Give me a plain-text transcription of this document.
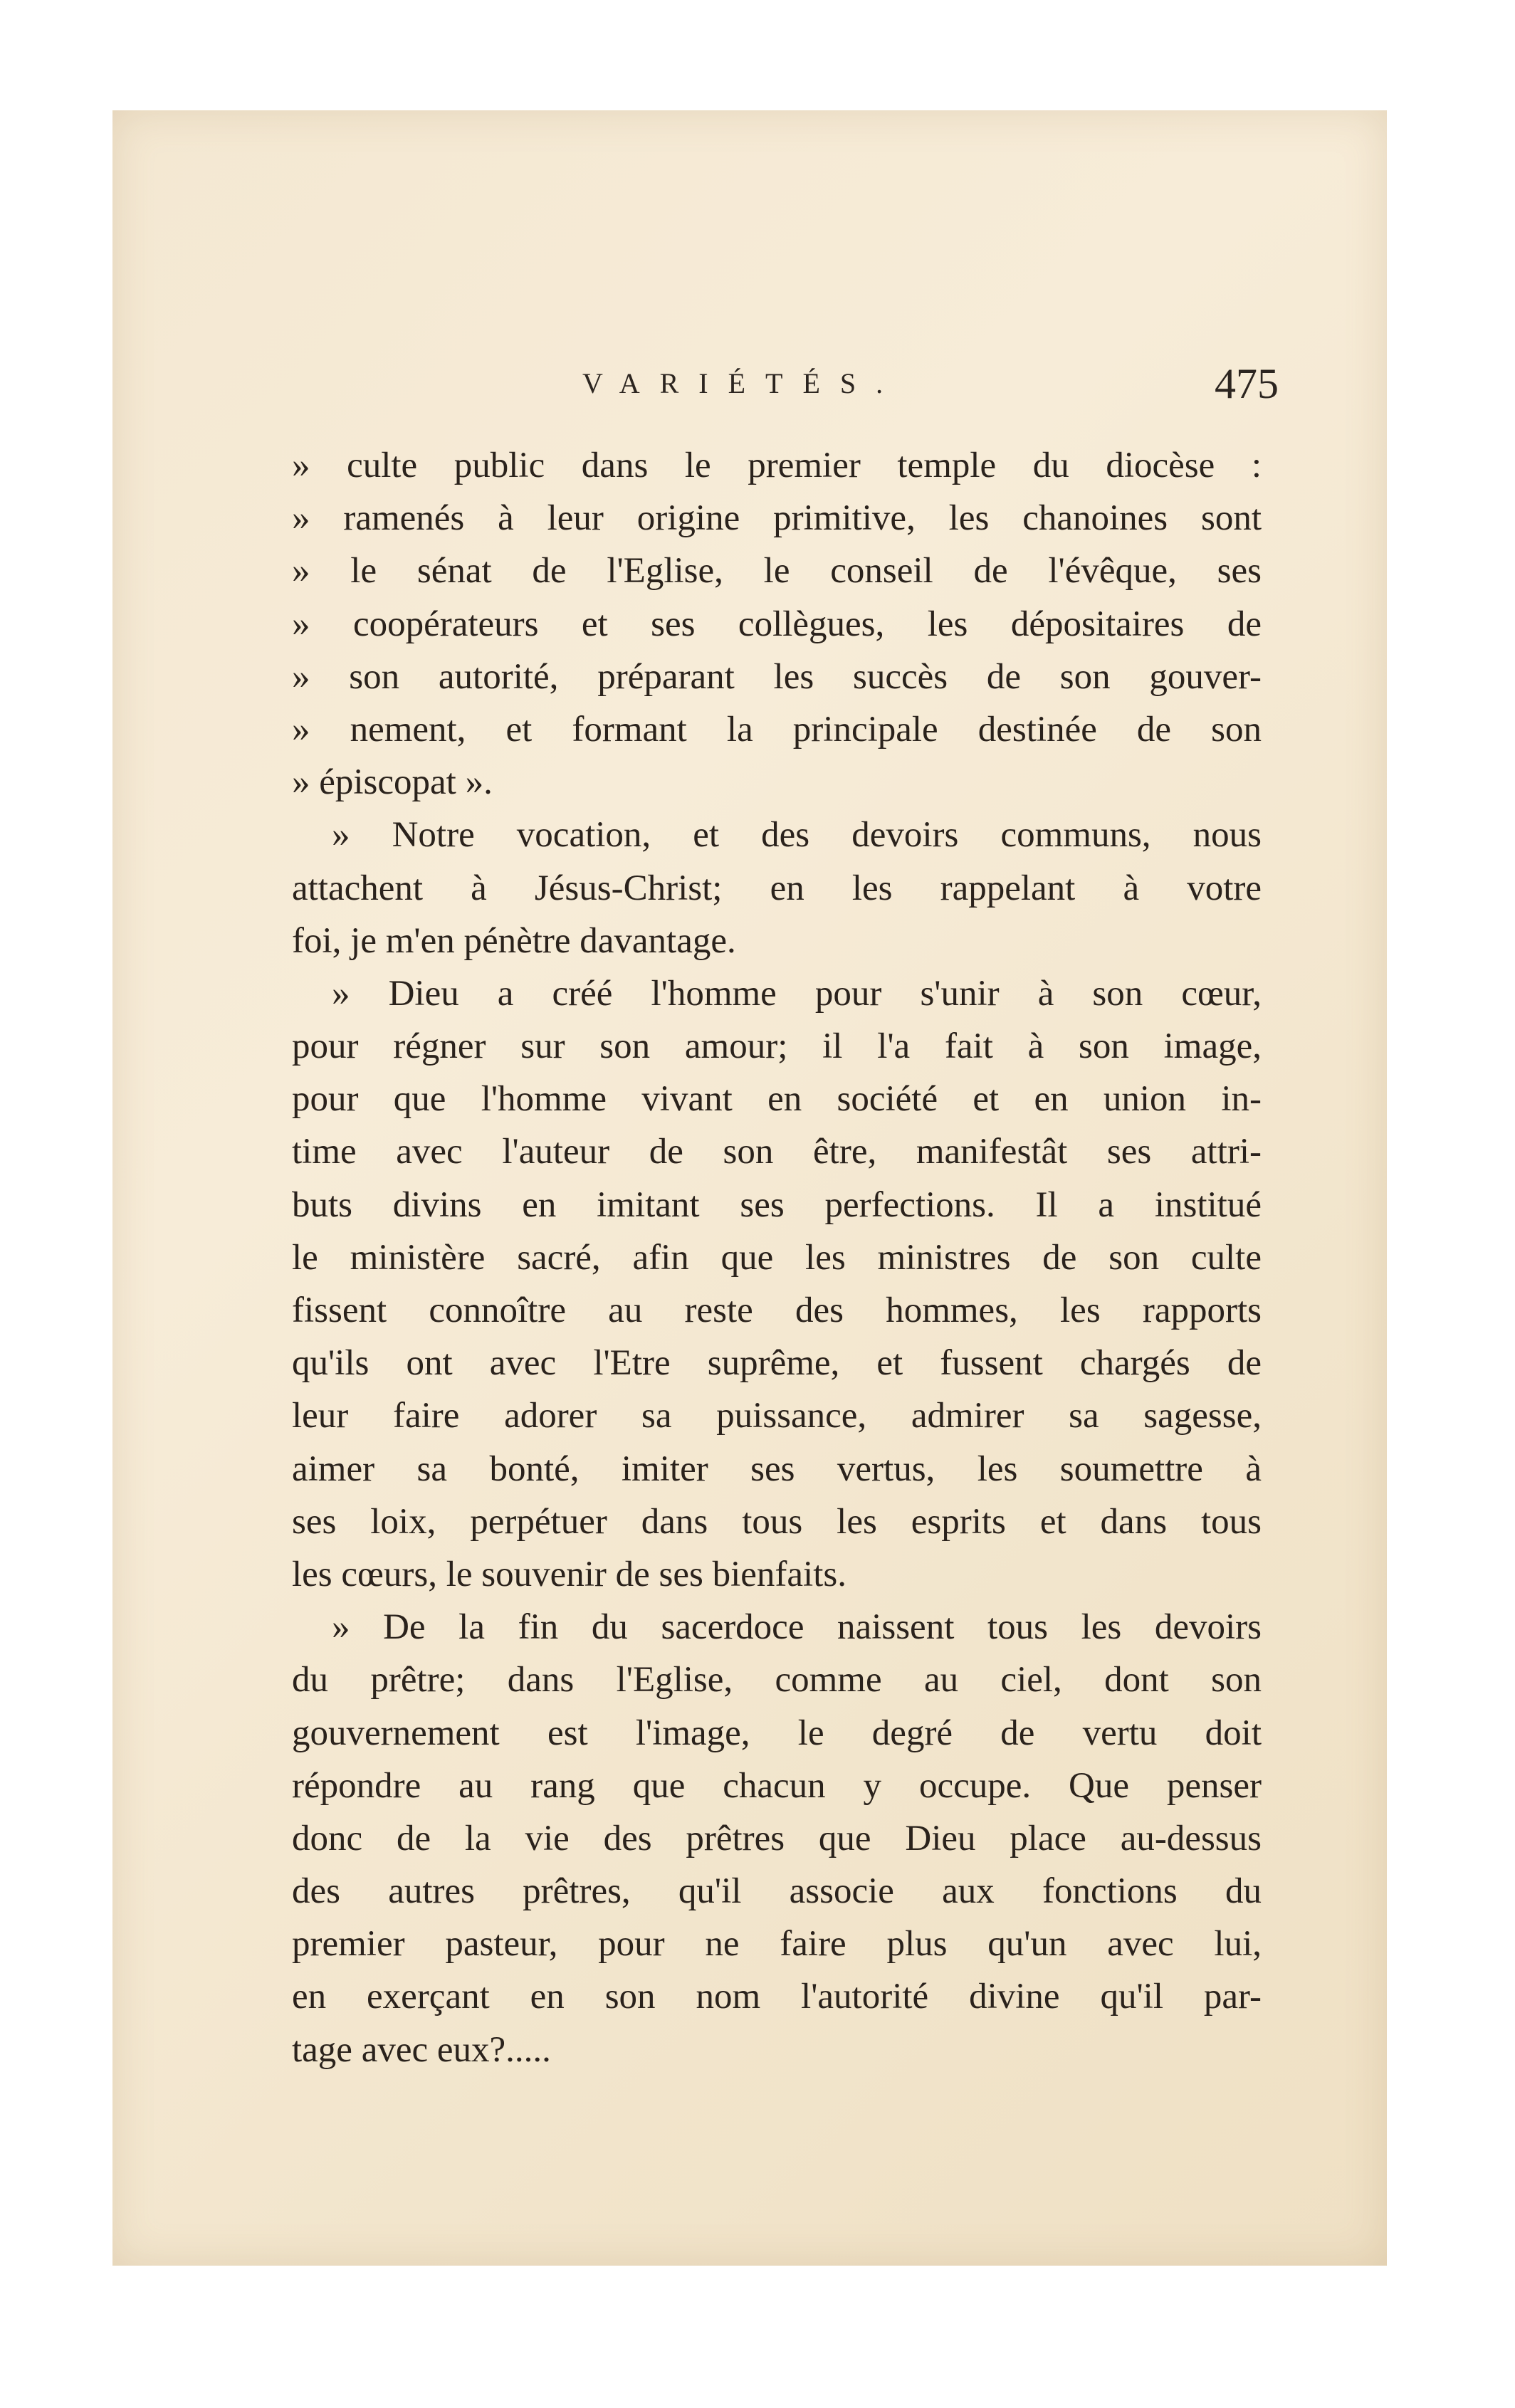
VARIÉTÉS.	475
» culte public dans le premier temple du diocèse :
» ramenés à leur origine primitive, les chanoines sont
» le sénat de l'Eglise, le conseil de l'évêque, ses
» coopérateurs et ses collègues, les dépositaires de
» son autorité, préparant les succès de son gouver-
» nement, et formant la principale destinée de son
» épiscopat ».
» Notre vocation, et des devoirs communs, nous
attachent à Jésus-Christ; en les rappelant à votre
foi, je m'en pénètre davantage.
» Dieu a créé l'homme pour s'unir à son cœur,
pour régner sur son amour; il l'a fait à son image,
pour que l'homme vivant en société et en union in-
time avec l'auteur de son être, manifestât ses attri-
buts divins en imitant ses perfections. Il a institué
le ministère sacré, afin que les ministres de son culte
fissent connoître au reste des hommes, les rapports
qu'ils ont avec l'Etre suprême, et fussent chargés de
leur faire adorer sa puissance, admirer sa sagesse,
aimer sa bonté, imiter ses vertus, les soumettre à
ses loix, perpétuer dans tous les esprits et dans tous
les cœurs, le souvenir de ses bienfaits.
» De la fin du sacerdoce naissent tous les devoirs
du prêtre; dans l'Eglise, comme au ciel, dont son
gouvernement est l'image, le degré de vertu doit
répondre au rang que chacun y occupe. Que penser
donc de la vie des prêtres que Dieu place au-dessus
des autres prêtres, qu'il associe aux fonctions du
premier pasteur, pour ne faire plus qu'un avec lui,
en exerçant en son nom l'autorité divine qu'il par-
tage avec eux?.....
